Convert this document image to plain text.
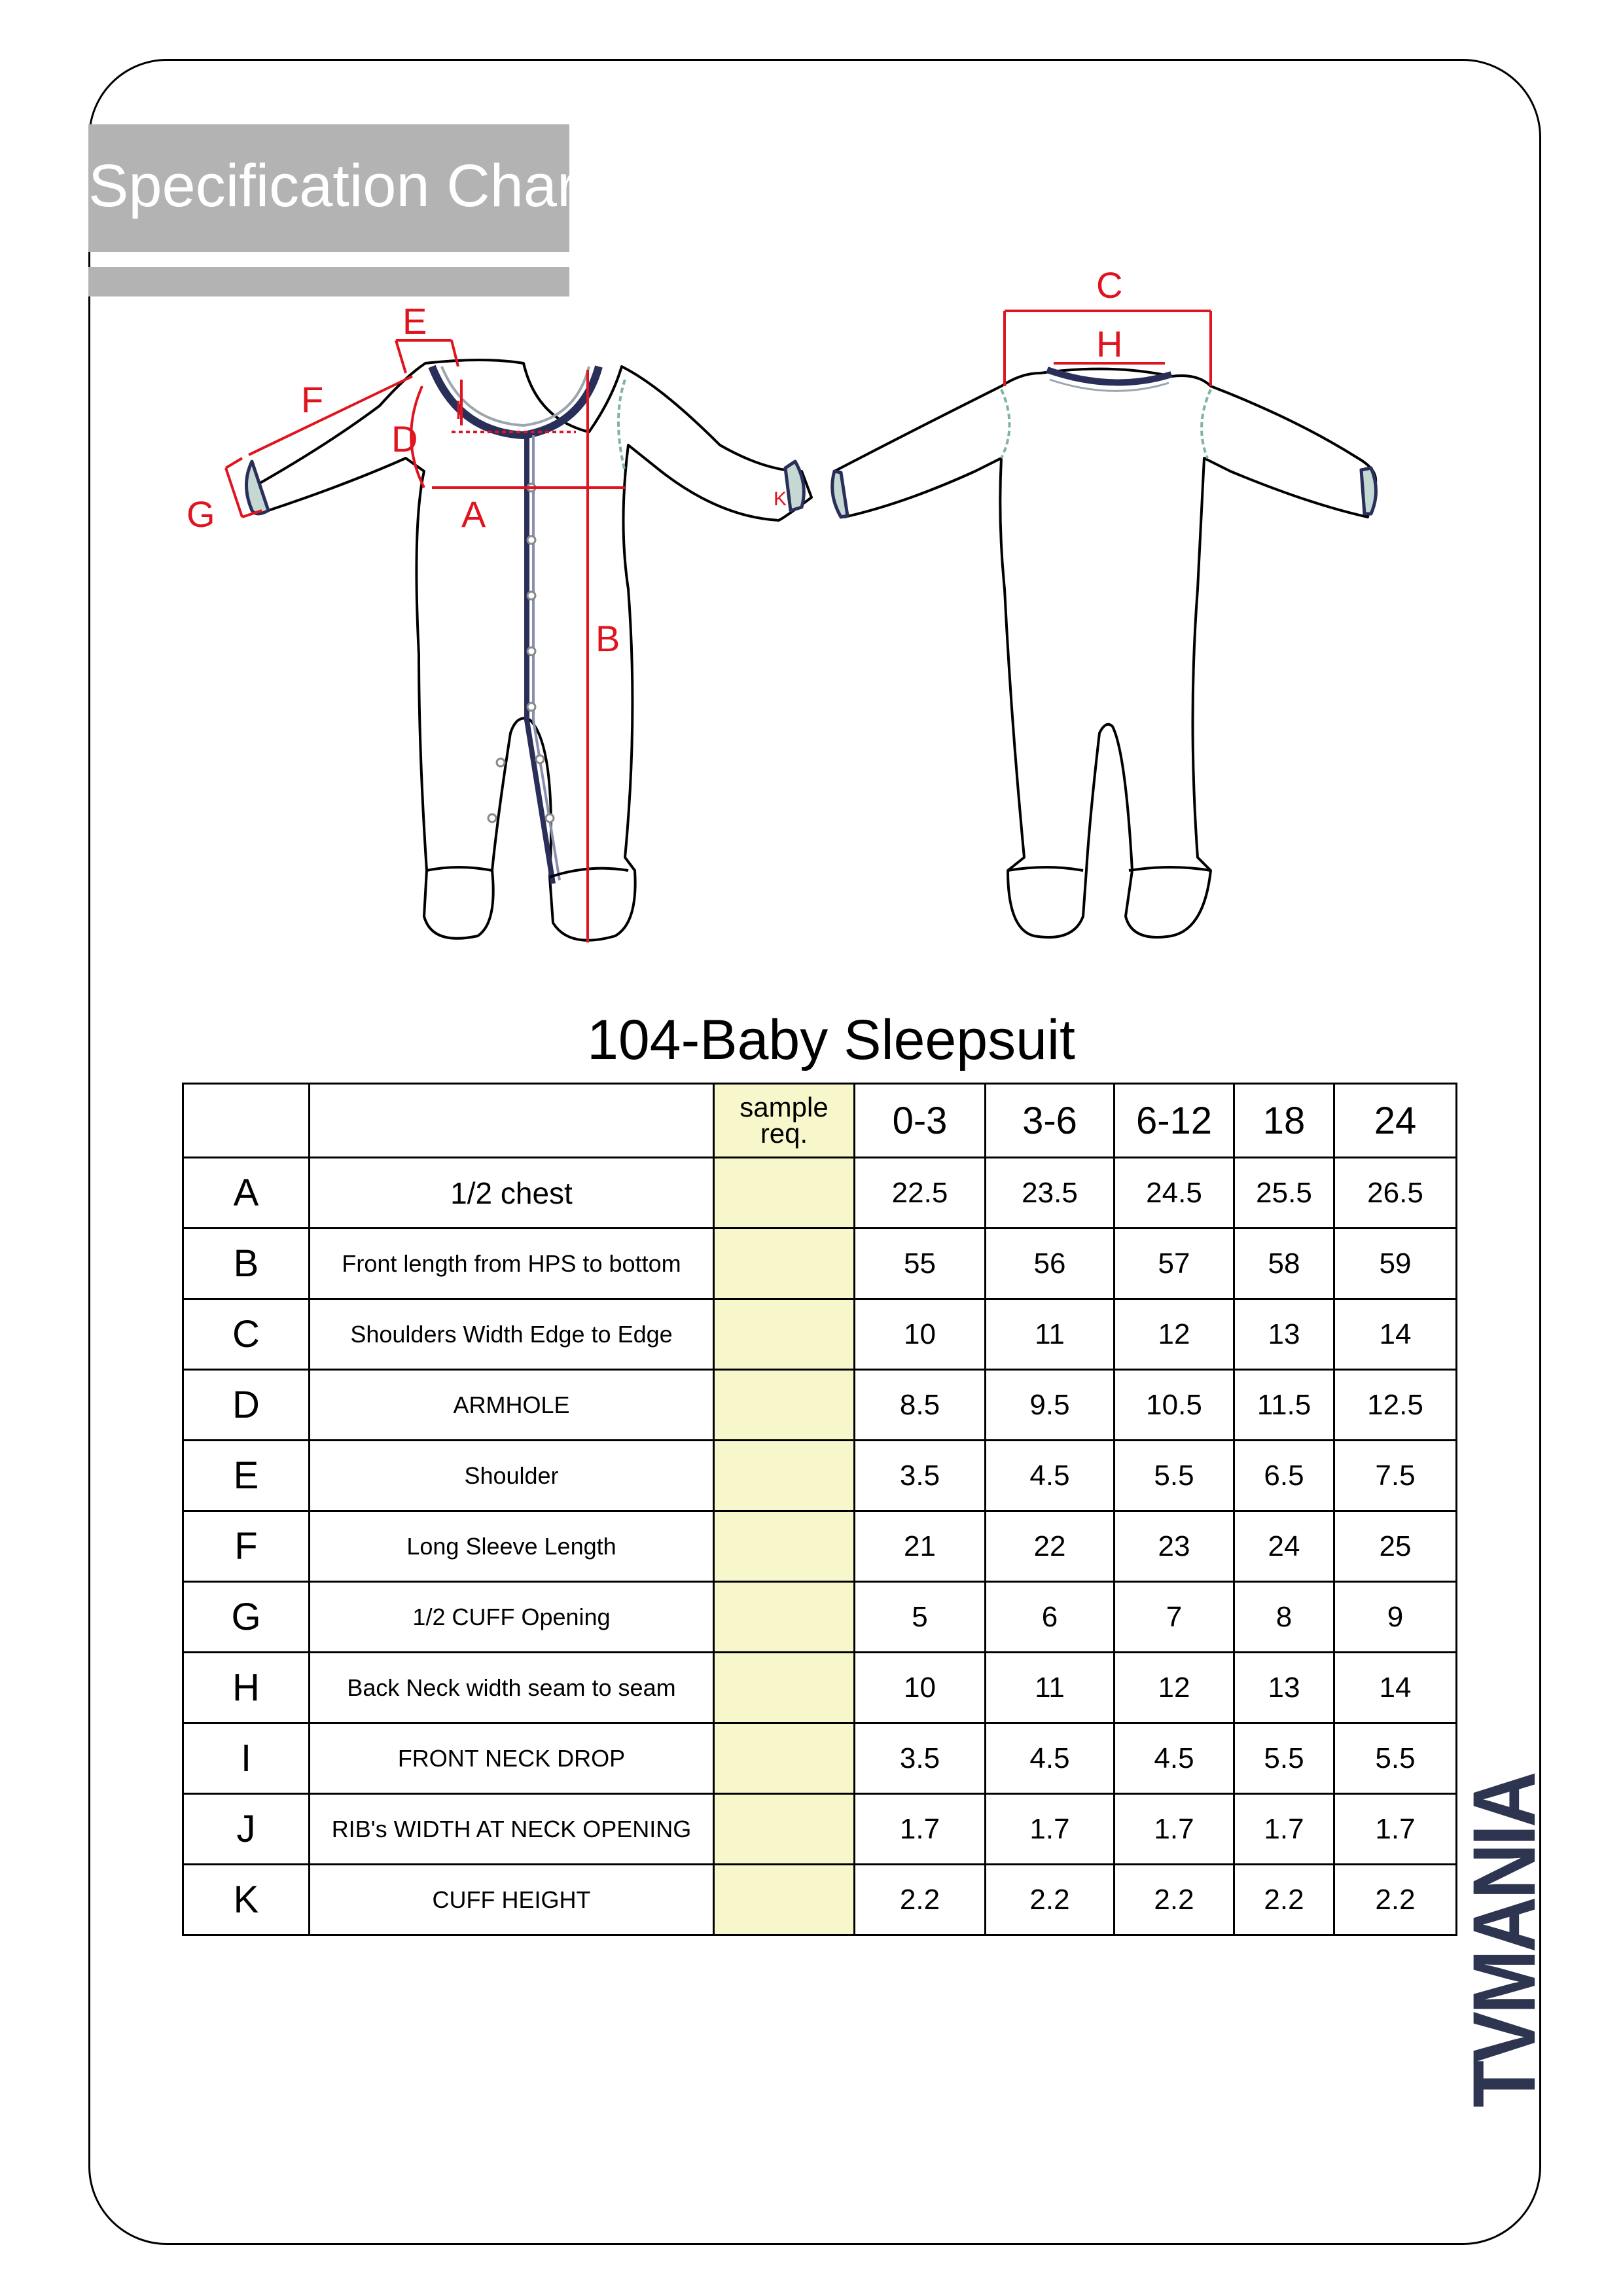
Specification Chart
A
B
C
H
D
E
F
G
I
K
104-Baby Sleepsuit

		sample
req.	0-3	3-6	6-12	18	24
A	1/2 chest		22.5	23.5	24.5	25.5	26.5
B	Front length from HPS to bottom		55	56	57	58	59
C	Shoulders Width Edge to Edge		10	11	12	13	14
D	ARMHOLE		8.5	9.5	10.5	11.5	12.5
E	Shoulder		3.5	4.5	5.5	6.5	7.5
F	Long Sleeve Length		21	22	23	24	25
G	1/2 CUFF Opening		5	6	7	8	9
H	Back Neck width seam to seam		10	11	12	13	14
I	FRONT NECK DROP		3.5	4.5	4.5	5.5	5.5
J	RIB's WIDTH AT NECK OPENING		1.7	1.7	1.7	1.7	1.7
K	CUFF HEIGHT		2.2	2.2	2.2	2.2	2.2 TVMANIA
